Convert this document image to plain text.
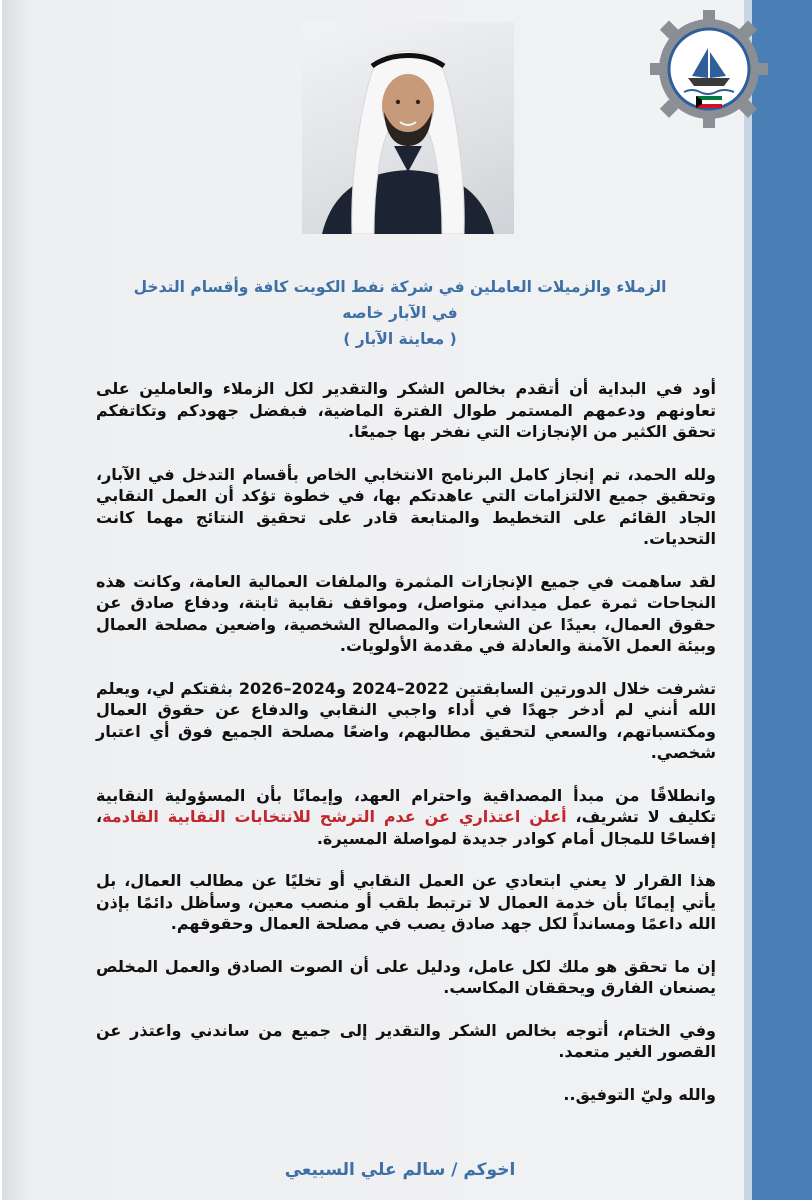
الزملاء والزميلات العاملين في شركة نفط الكويت كافة وأقسام التدخل في الآبار خاصه
( معاينة الآبار )

أود في البداية أن أتقدم بخالص الشكر والتقدير لكل الزملاء والعاملين على تعاونهم ودعمهم المستمر طوال الفترة الماضية، فبفضل جهودكم وتكاتفكم تحقق الكثير من الإنجازات التي نفخر بها جميعًا.

ولله الحمد، تم إنجاز كامل البرنامج الانتخابي الخاص بأقسام التدخل في الآبار، وتحقيق جميع الالتزامات التي عاهدتكم بها، في خطوة تؤكد أن العمل النقابي الجاد القائم على التخطيط والمتابعة قادر على تحقيق النتائج مهما كانت التحديات.

لقد ساهمت في جميع الإنجازات المثمرة والملفات العمالية العامة، وكانت هذه النجاحات ثمرة عمل ميداني متواصل، ومواقف نقابية ثابتة، ودفاع صادق عن حقوق العمال، بعيدًا عن الشعارات والمصالح الشخصية، واضعين مصلحة العمال وبيئة العمل الآمنة والعادلة في مقدمة الأولويات.

تشرفت خلال الدورتين السابقتين 2022–2024 و2024–2026 بثقتكم لي، ويعلم الله أنني لم أدخر جهدًا في أداء واجبي النقابي والدفاع عن حقوق العمال ومكتسباتهم، والسعي لتحقيق مطالبهم، واضعًا مصلحة الجميع فوق أي اعتبار شخصي.

وانطلاقًا من مبدأ المصداقية واحترام العهد، وإيمانًا بأن المسؤولية النقابية تكليف لا تشريف، أعلن اعتذاري عن عدم الترشح للانتخابات النقابية القادمة، إفساحًا للمجال أمام كوادر جديدة لمواصلة المسيرة.

هذا القرار لا يعني ابتعادي عن العمل النقابي أو تخليًا عن مطالب العمال، بل يأتي إيمانًا بأن خدمة العمال لا ترتبط بلقب أو منصب معين، وسأظل دائمًا بإذن الله داعمًا ومسانداً لكل جهد صادق يصب في مصلحة العمال وحقوقهم.

إن ما تحقق هو ملك لكل عامل، ودليل على أن الصوت الصادق والعمل المخلص يصنعان الفارق ويحققان المكاسب.

وفي الختام، أتوجه بخالص الشكر والتقدير إلى جميع من ساندني واعتذر عن القصور الغير متعمد.

والله وليّ التوفيق..

اخوكم / سالم علي السبيعي
